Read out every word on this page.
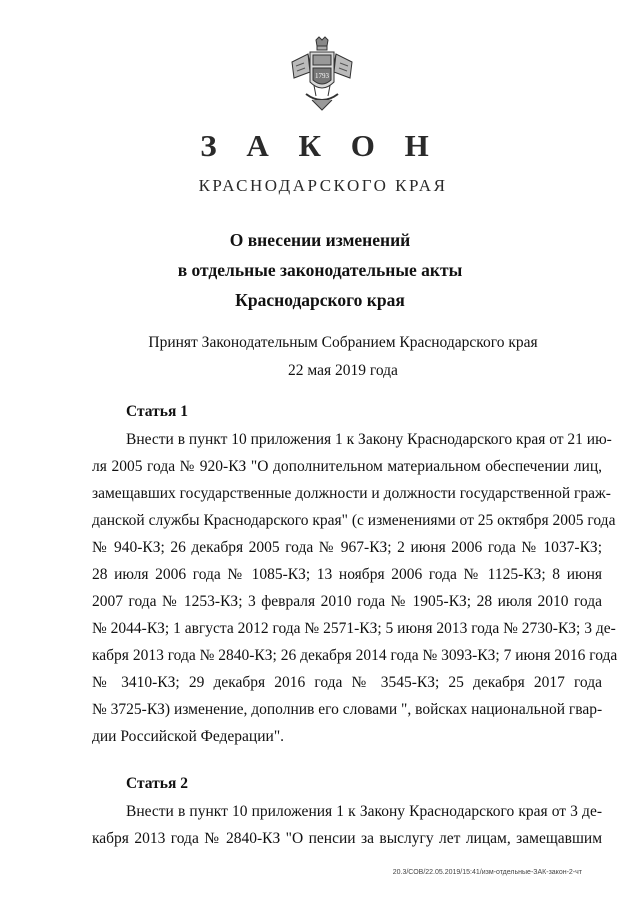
1793
З А К О Н
КРАСНОДАРСКОГО КРАЯ
О внесении изменений
в отдельные законодательные акты
Краснодарского края
Принят Законодательным Собранием Краснодарского края
22 мая 2019 года
Статья 1
Внести в пункт 10 приложения 1 к Закону Краснодарского края от 21 ию-
ля 2005 года № 920-КЗ "О дополнительном материальном обеспечении лиц,
замещавших государственные должности и должности государственной граж-
данской службы Краснодарского края" (с изменениями от 25 октября 2005 года
№ 940-КЗ; 26 декабря 2005 года № 967-КЗ; 2 июня 2006 года № 1037-КЗ;
28 июля 2006 года № 1085-КЗ; 13 ноября 2006 года № 1125-КЗ; 8 июня
2007 года № 1253-КЗ; 3 февраля 2010 года № 1905-КЗ; 28 июля 2010 года
№ 2044-КЗ; 1 августа 2012 года № 2571-КЗ; 5 июня 2013 года № 2730-КЗ; 3 де-
кабря 2013 года № 2840-КЗ; 26 декабря 2014 года № 3093-КЗ; 7 июня 2016 года
№ 3410-КЗ; 29 декабря 2016 года № 3545-КЗ; 25 декабря 2017 года
№ 3725-КЗ) изменение, дополнив его словами ", войсках национальной гвар-
дии Российской Федерации".
Статья 2
Внести в пункт 10 приложения 1 к Закону Краснодарского края от 3 де-
кабря 2013 года № 2840-КЗ "О пенсии за выслугу лет лицам, замещавшим
20.3/СОВ/22.05.2019/15:41/изм-отдельные-ЗАК-закон-2-чт
